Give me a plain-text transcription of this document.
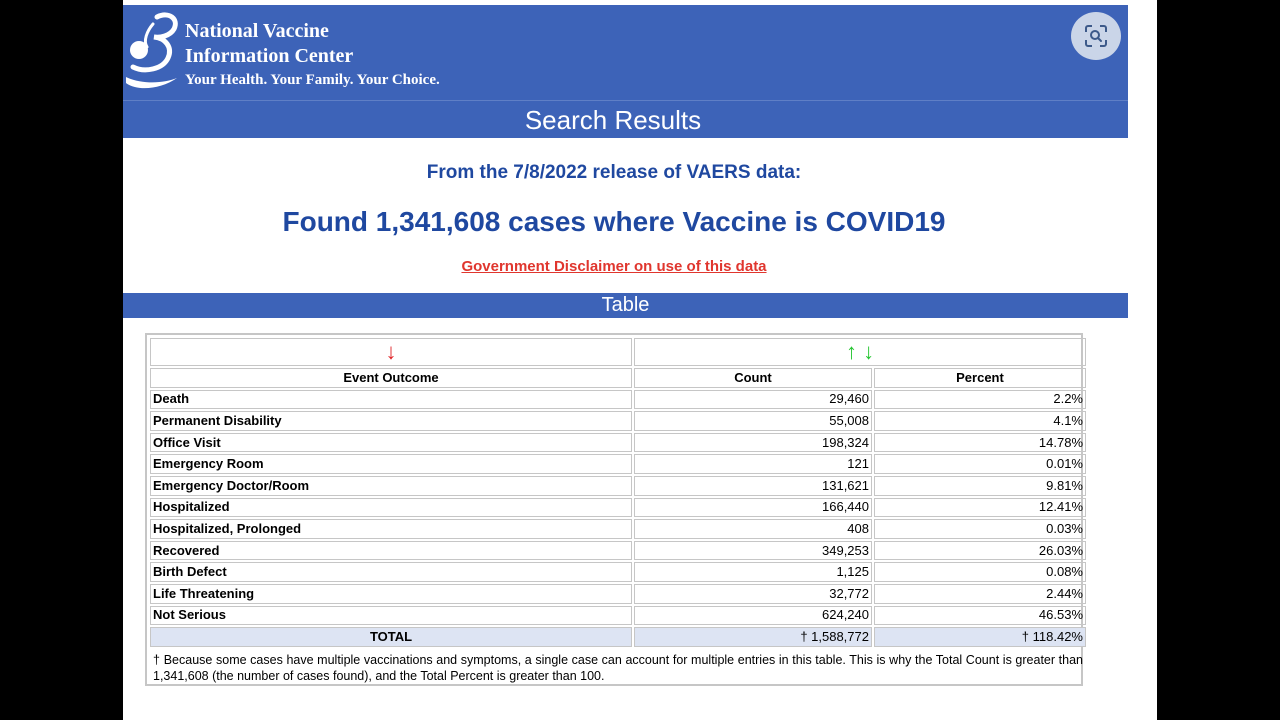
National Vaccine
Information Center
Your Health. Your Family. Your Choice.
Search Results
From the 7/8/2022 release of VAERS data:
Found 1,341,608 cases where Vaccine is COVID19
Government Disclaimer on use of this data
Table
↓	↑ ↓	
Event Outcome	Count	Percent
Death	29,460	2.2%
Permanent Disability	55,008	4.1%
Office Visit	198,324	14.78%
Emergency Room	121	0.01%
Emergency Doctor/Room	131,621	9.81%
Hospitalized	166,440	12.41%
Hospitalized, Prolonged	408	0.03%
Recovered	349,253	26.03%
Birth Defect	1,125	0.08%
Life Threatening	32,772	2.44%
Not Serious	624,240	46.53%
TOTAL	† 1,588,772	† 118.42%
† Because some cases have multiple vaccinations and symptoms, a single case can account for multiple entries in this table. This is why the Total Count is greater than 1,341,608 (the number of cases found), and the Total Percent is greater than 100.		
